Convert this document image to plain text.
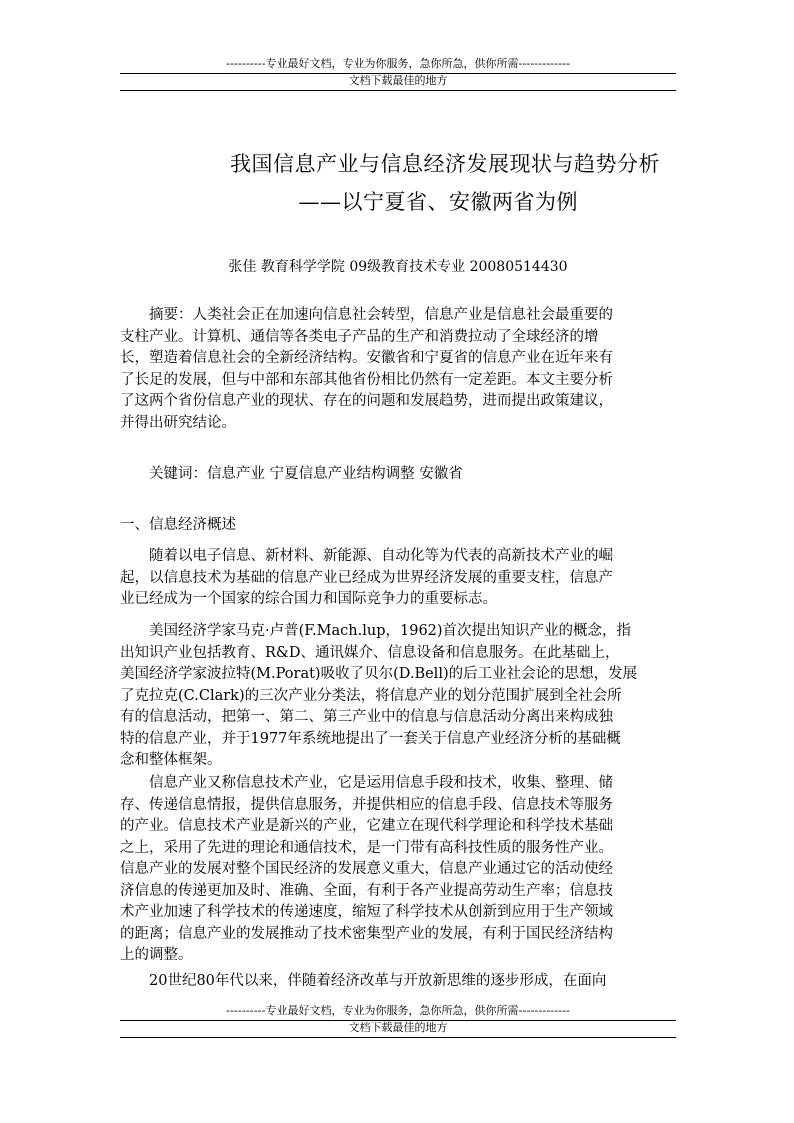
----------专业最好文档，专业为你服务，急你所急，供你所需-------------
文档下载最佳的地方
我国信息产业与信息经济发展现状与趋势分析
——以宁夏省、安徽两省为例
张佳 教育科学学院 09级教育技术专业 20080514430
摘要：人类社会正在加速向信息社会转型，信息产业是信息社会最重要的
支柱产业。计算机、通信等各类电子产品的生产和消费拉动了全球经济的增
长，塑造着信息社会的全新经济结构。安徽省和宁夏省的信息产业在近年来有
了长足的发展，但与中部和东部其他省份相比仍然有一定差距。本文主要分析
了这两个省份信息产业的现状、存在的问题和发展趋势，进而提出政策建议，
并得出研究结论。
关键词：信息产业 宁夏信息产业结构调整 安徽省
一、信息经济概述
随着以电子信息、新材料、新能源、自动化等为代表的高新技术产业的崛
起，以信息技术为基础的信息产业已经成为世界经济发展的重要支柱，信息产
业已经成为一个国家的综合国力和国际竞争力的重要标志。
美国经济学家马克·卢普(F.Mach.lup，1962)首次提出知识产业的概念，指
出知识产业包括教育、R&D、通讯媒介、信息设备和信息服务。在此基础上，
美国经济学家波拉特(M.Porat)吸收了贝尔(D.Bell)的后工业社会论的思想，发展
了克拉克(C.Clark)的三次产业分类法，将信息产业的划分范围扩展到全社会所
有的信息活动，把第一、第二、第三产业中的信息与信息活动分离出来构成独
特的信息产业，并于1977年系统地提出了一套关于信息产业经济分析的基础概
念和整体框架。
信息产业又称信息技术产业，它是运用信息手段和技术，收集、整理、储
存、传递信息情报，提供信息服务，并提供相应的信息手段、信息技术等服务
的产业。信息技术产业是新兴的产业，它建立在现代科学理论和科学技术基础
之上，采用了先进的理论和通信技术，是一门带有高科技性质的服务性产业。
信息产业的发展对整个国民经济的发展意义重大，信息产业通过它的活动使经
济信息的传递更加及时、准确、全面，有利于各产业提高劳动生产率；信息技
术产业加速了科学技术的传递速度，缩短了科学技术从创新到应用于生产领域
的距离；信息产业的发展推动了技术密集型产业的发展，有利于国民经济结构
上的调整。
20世纪80年代以来，伴随着经济改革与开放新思维的逐步形成，在面向
----------专业最好文档，专业为你服务，急你所急，供你所需-------------
文档下载最佳的地方
